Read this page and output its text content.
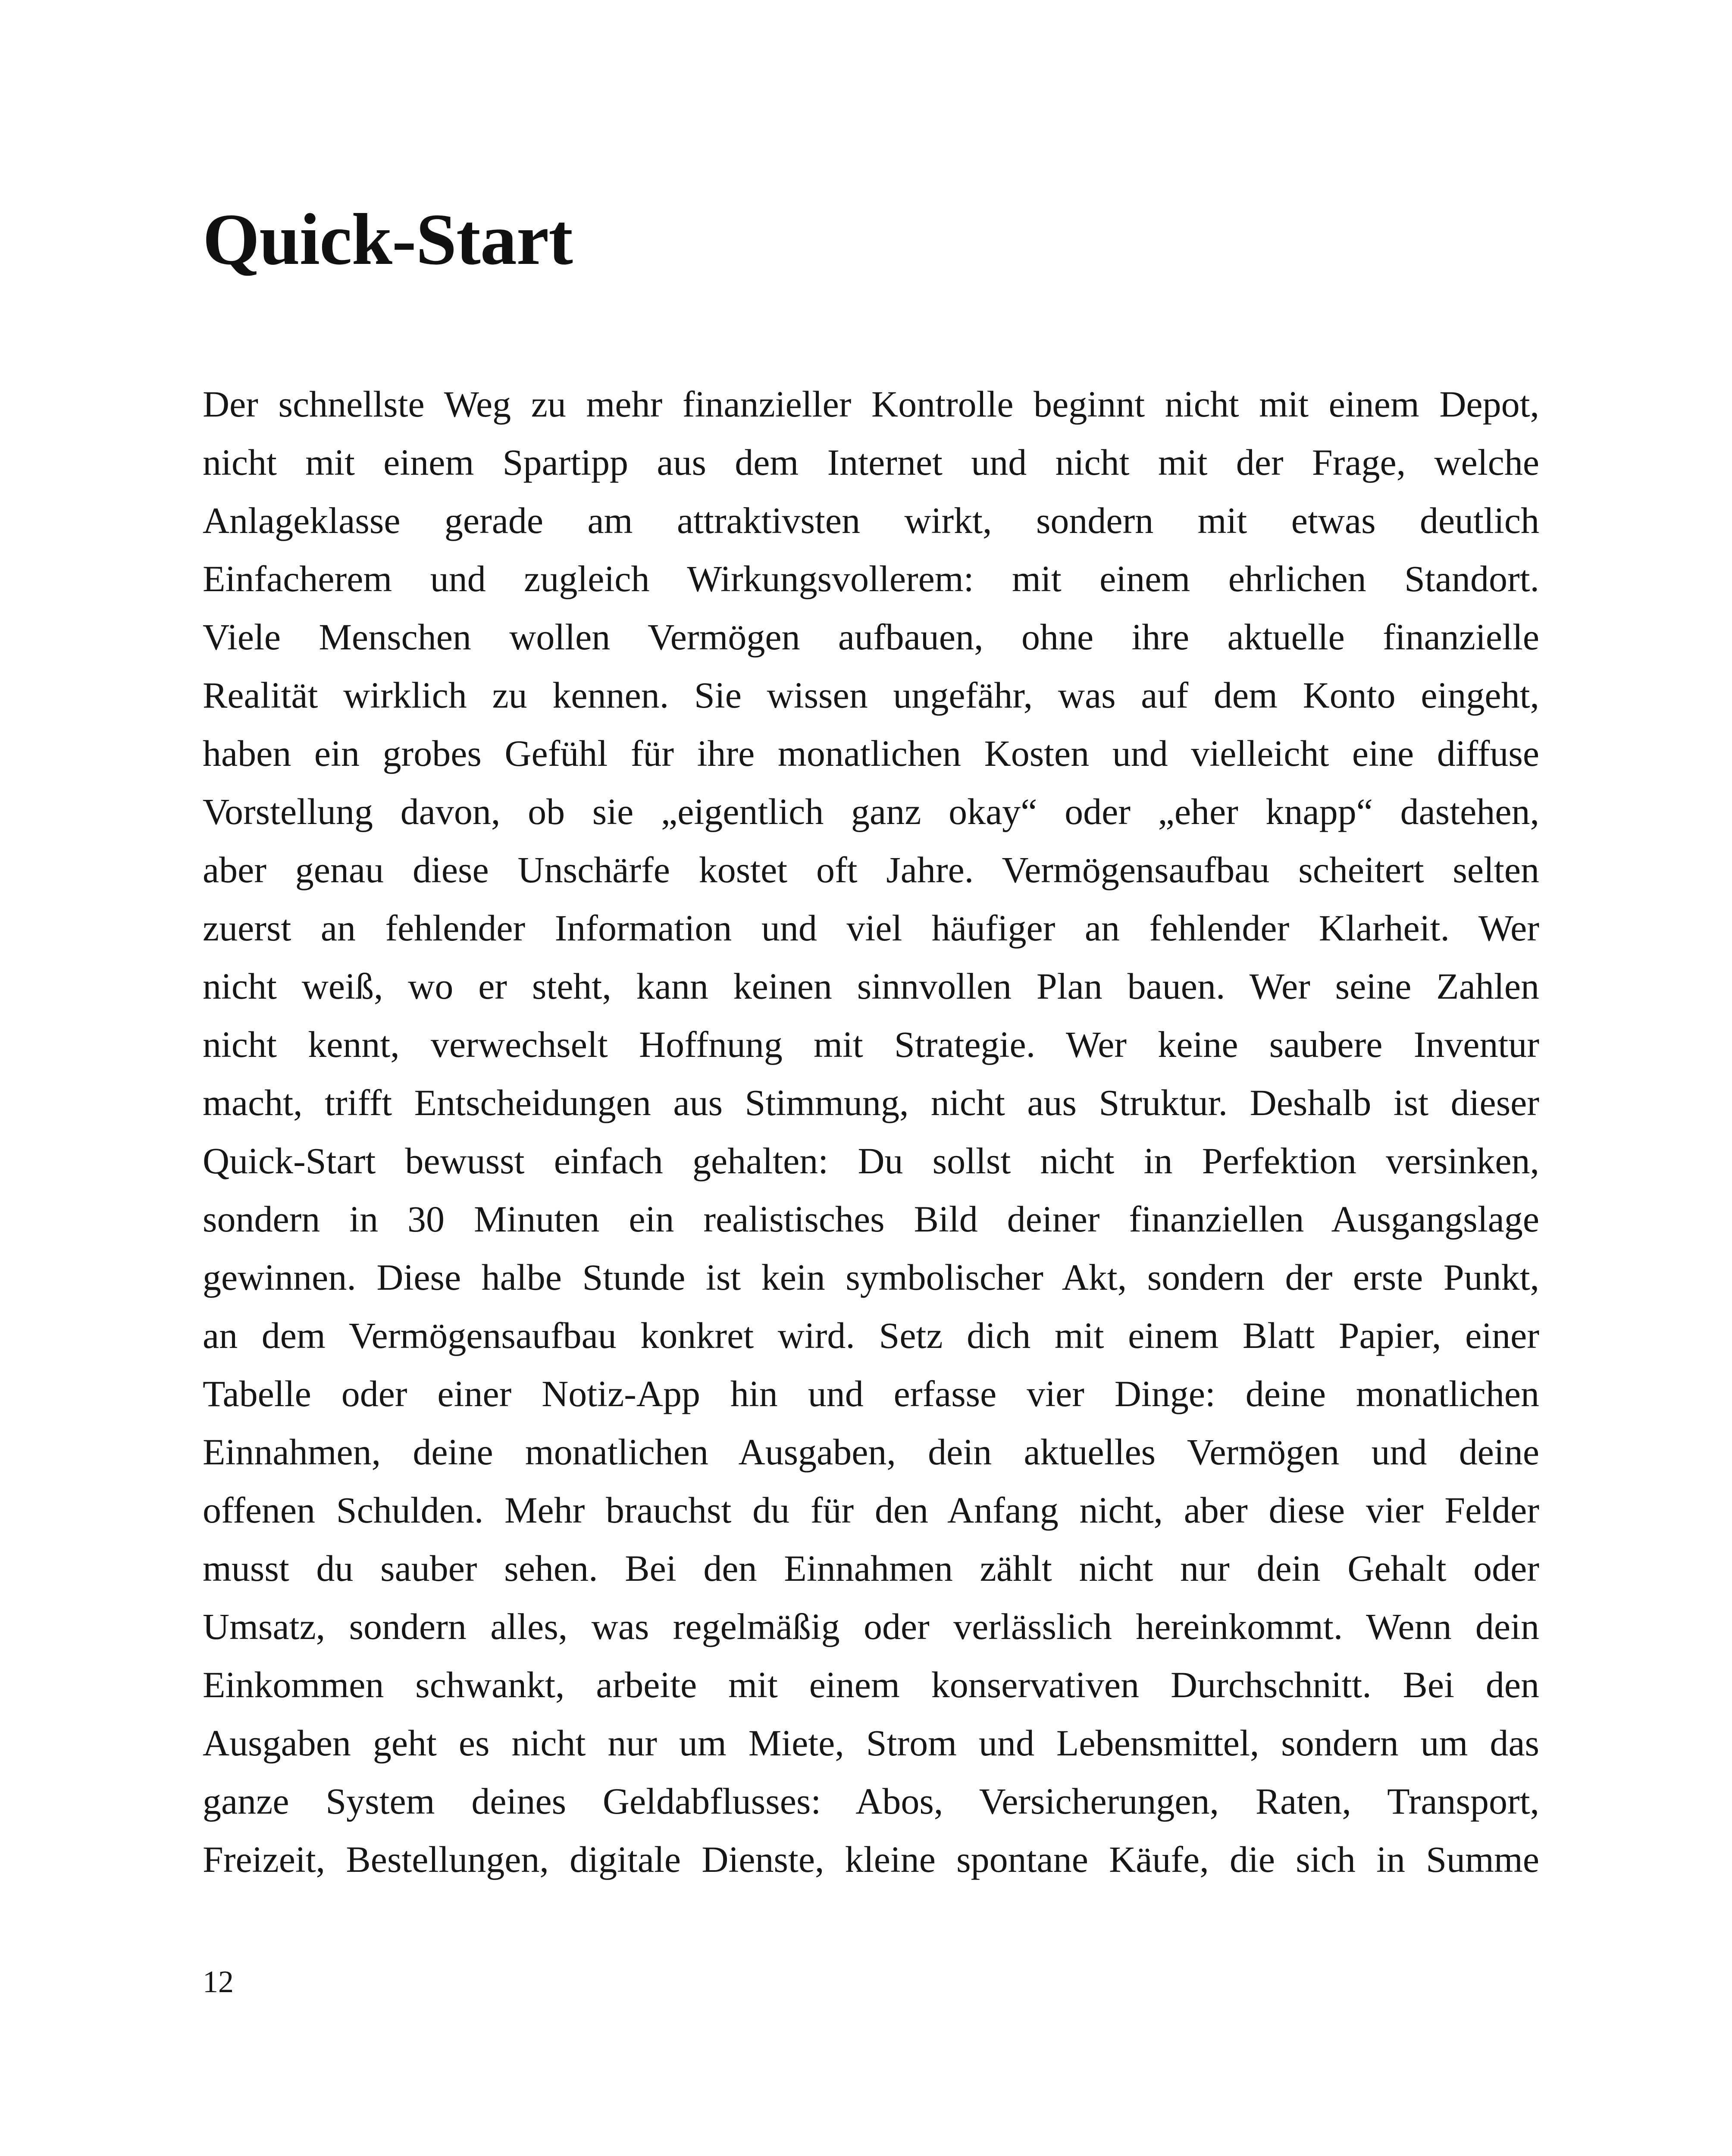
Quick-Start
Der schnellste Weg zu mehr finanzieller Kontrolle beginnt nicht mit einem Depot,
nicht mit einem Spartipp aus dem Internet und nicht mit der Frage, welche
Anlageklasse gerade am attraktivsten wirkt, sondern mit etwas deutlich
Einfacherem und zugleich Wirkungsvollerem: mit einem ehrlichen Standort.
Viele Menschen wollen Vermögen aufbauen, ohne ihre aktuelle finanzielle
Realität wirklich zu kennen. Sie wissen ungefähr, was auf dem Konto eingeht,
haben ein grobes Gefühl für ihre monatlichen Kosten und vielleicht eine diffuse
Vorstellung davon, ob sie „eigentlich ganz okay“ oder „eher knapp“ dastehen,
aber genau diese Unschärfe kostet oft Jahre. Vermögensaufbau scheitert selten
zuerst an fehlender Information und viel häufiger an fehlender Klarheit. Wer
nicht weiß, wo er steht, kann keinen sinnvollen Plan bauen. Wer seine Zahlen
nicht kennt, verwechselt Hoffnung mit Strategie. Wer keine saubere Inventur
macht, trifft Entscheidungen aus Stimmung, nicht aus Struktur. Deshalb ist dieser
Quick-Start bewusst einfach gehalten: Du sollst nicht in Perfektion versinken,
sondern in 30 Minuten ein realistisches Bild deiner finanziellen Ausgangslage
gewinnen. Diese halbe Stunde ist kein symbolischer Akt, sondern der erste Punkt,
an dem Vermögensaufbau konkret wird. Setz dich mit einem Blatt Papier, einer
Tabelle oder einer Notiz-App hin und erfasse vier Dinge: deine monatlichen
Einnahmen, deine monatlichen Ausgaben, dein aktuelles Vermögen und deine
offenen Schulden. Mehr brauchst du für den Anfang nicht, aber diese vier Felder
musst du sauber sehen. Bei den Einnahmen zählt nicht nur dein Gehalt oder
Umsatz, sondern alles, was regelmäßig oder verlässlich hereinkommt. Wenn dein
Einkommen schwankt, arbeite mit einem konservativen Durchschnitt. Bei den
Ausgaben geht es nicht nur um Miete, Strom und Lebensmittel, sondern um das
ganze System deines Geldabflusses: Abos, Versicherungen, Raten, Transport,
Freizeit, Bestellungen, digitale Dienste, kleine spontane Käufe, die sich in Summe

12
